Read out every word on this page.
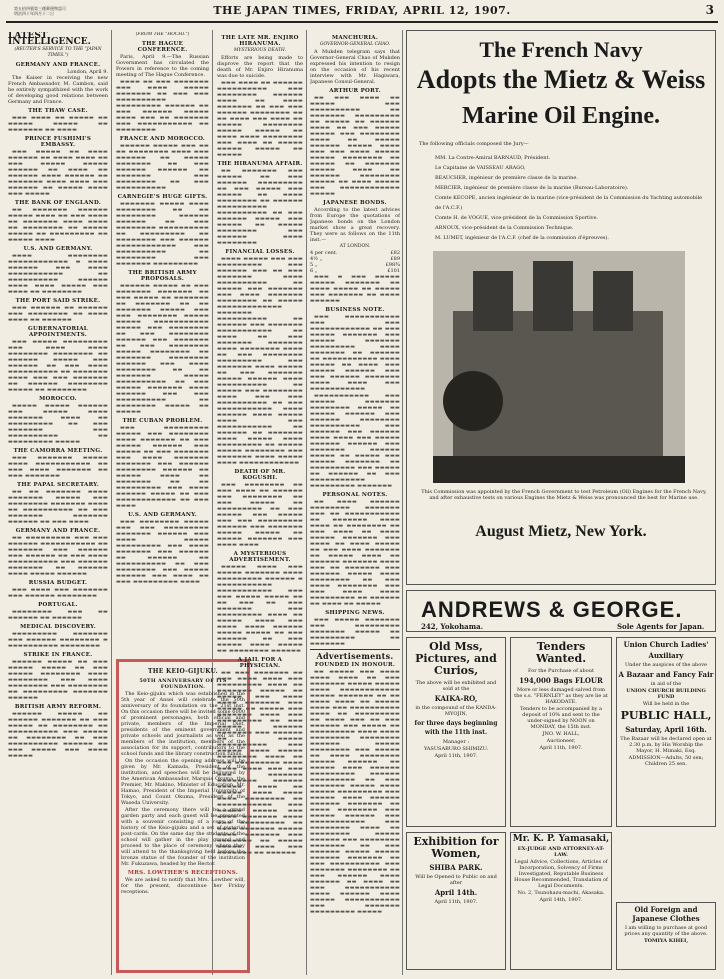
第五拾四號第三種郵便物認可
明治四十年四月十二日	THE JAPAN TIMES, FRIDAY, APRIL 12, 1907.	3
LATEST INTELLIGENCE.
(REUTER'S SERVICE TO THE "JAPAN TIMES.")
GERMANY AND FRANCE.
London, April 9.

The Kaiser in receiving the new French Ambassador, M. Cambon, said he entirely sympathized with the work of developing good relations between Germany and France.

THE THAW CASE.

▬▬▬ ▬▬▬▬ ▬▬ ▬▬▬▬▬ ▬▬ ▬▬▬▬▬ ▬▬▬▬▬ ▬▬ ▬▬▬▬▬▬▬ ▬▬ ▬▬▬▬

PRINCE FUSHIMI'S EMBASSY.

▬▬▬ ▬▬▬▬▬ ▬▬ ▬▬▬▬ ▬▬▬▬▬▬ ▬▬ ▬▬▬▬ ▬▬▬▬ ▬▬ ▬▬▬ ▬▬▬▬▬ ▬▬▬▬▬ ▬▬▬▬▬▬ ▬▬ ▬▬▬▬ ▬▬ ▬▬▬▬▬▬ ▬▬▬▬ ▬▬▬▬▬▬ ▬▬ ▬▬▬▬▬▬▬ ▬▬▬▬ ▬▬▬▬ ▬▬▬ ▬▬▬▬▬▬ ▬▬ ▬▬▬▬▬ ▬▬▬▬ ▬▬▬ ▬▬▬▬▬

THE BANK OF ENGLAND.

▬▬ ▬▬▬▬▬▬▬ ▬▬▬▬▬▬ ▬▬▬▬▬ ▬▬▬▬ ▬▬ ▬▬▬ ▬▬▬▬ ▬▬ ▬▬▬▬▬▬▬ ▬▬▬▬ ▬▬▬▬ ▬▬ ▬▬▬▬▬▬▬▬ ▬▬ ▬▬▬▬▬ ▬▬▬▬▬ ▬▬ ▬▬▬▬▬▬▬▬▬ ▬▬ ▬▬▬▬▬ ▬▬▬▬

U.S. AND GERMANY.

▬▬▬▬ ▬▬▬▬▬▬▬▬ ▬▬▬▬▬▬▬▬▬▬▬▬ ▬ ▬▬▬▬ ▬▬▬▬▬▬ ▬▬▬ ▬▬▬▬ ▬▬▬▬▬▬▬▬▬▬▬ ▬▬ ▬▬▬▬▬▬▬▬▬▬ ▬▬▬▬▬▬ ▬▬▬▬ ▬▬▬▬ ▬▬▬▬▬ ▬▬▬ ▬▬▬▬ ▬▬ ▬▬▬▬▬▬▬▬

THE PORT SAID STRIKE.

▬▬▬ ▬▬▬▬▬▬ ▬▬ ▬▬▬▬▬▬ ▬▬▬ ▬▬▬▬▬▬▬▬ ▬▬ ▬▬▬▬ ▬▬▬▬ ▬▬ ▬▬▬▬▬▬

GUBERNATORIAL APPOINTMENTS.

▬▬▬ ▬▬▬▬▬ ▬▬▬▬▬▬▬▬▬ ▬▬▬ ▬▬▬▬ ▬▬▬▬ ▬▬▬▬▬▬▬▬ ▬▬▬▬▬▬▬▬ ▬▬ ▬▬▬▬▬▬ ▬▬▬▬▬ ▬▬▬ ▬▬▬▬▬▬ ▬▬ ▬▬▬ ▬▬▬▬ ▬▬▬▬▬▬▬▬▬▬ ▬▬ ▬▬▬▬▬▬▬ ▬▬▬▬ ▬▬▬ ▬▬▬ ▬▬▬▬▬▬▬ ▬▬ ▬▬▬▬▬▬ ▬▬▬▬▬▬▬▬ ▬▬▬▬▬ ▬▬ ▬▬▬▬▬▬▬▬

MOROCCO.

▬▬▬▬▬ ▬▬▬▬▬ ▬▬▬▬▬▬ ▬▬▬ ▬▬▬▬▬ ▬▬▬▬ ▬▬▬▬▬▬▬ ▬▬▬▬ ▬▬ ▬▬▬▬▬▬▬▬▬ ▬▬ ▬▬▬ ▬▬▬▬▬▬▬ ▬▬▬ ▬▬▬▬▬▬▬▬▬▬ ▬▬ ▬▬▬▬▬▬▬▬▬ ▬▬▬▬▬

THE CAMORRA MEETING.

▬▬▬ ▬▬▬▬▬▬▬ ▬▬▬▬▬ ▬▬▬▬ ▬▬▬▬▬▬▬▬▬▬▬ ▬▬ ▬▬▬ ▬▬▬▬ ▬▬▬▬▬▬▬ ▬▬ ▬▬▬ ▬▬▬▬▬▬▬

THE PAPAL SECRETARY.

▬▬ ▬▬ ▬▬▬▬▬▬▬ ▬▬▬▬ ▬▬▬▬▬▬▬ ▬▬▬▬▬ ▬▬▬ ▬▬▬▬▬▬▬▬ ▬▬▬▬▬▬▬ ▬▬▬▬ ▬▬ ▬▬▬▬▬▬▬▬▬▬ ▬▬ ▬▬▬ ▬▬▬▬▬▬▬ ▬▬▬▬▬▬▬ ▬▬▬▬▬▬ ▬▬ ▬▬▬ ▬▬▬▬

GERMANY AND FRANCE.

▬▬ ▬▬▬▬▬▬▬▬▬ ▬▬▬ ▬▬▬ ▬▬▬▬▬▬ ▬▬▬▬▬▬▬▬▬▬▬ ▬▬ ▬▬▬▬▬▬▬ ▬▬▬ ▬▬▬▬▬▬ ▬▬▬ ▬▬▬▬▬▬ ▬▬ ▬▬▬ ▬▬▬▬ ▬▬▬▬▬▬▬▬▬▬ ▬▬▬ ▬▬▬▬▬▬ ▬▬▬▬▬▬▬ ▬▬ ▬▬▬▬▬▬ ▬▬▬▬ ▬▬▬▬▬ ▬▬▬▬▬▬

RUSSIA BUDGET.

▬▬▬ ▬▬▬▬ ▬▬▬ ▬▬▬▬▬▬▬ ▬▬▬ ▬▬▬▬▬▬ ▬▬▬▬▬▬▬▬

PORTUGAL.

▬▬▬▬▬▬▬▬ ▬▬▬ ▬▬ ▬▬▬▬▬▬ ▬▬ ▬▬▬▬▬▬

MEDICAL DISCOVERY.

▬▬▬▬▬▬▬▬▬ ▬▬▬▬▬▬▬ ▬▬▬ ▬▬▬▬▬▬ ▬▬▬▬▬▬▬▬ ▬ ▬▬▬▬▬▬▬▬▬▬ ▬▬▬▬▬▬▬▬

STRIKE IN FRANCE.

▬▬▬▬▬▬ ▬▬▬▬▬ ▬▬ ▬▬▬ ▬▬▬▬▬ ▬▬▬▬▬ ▬▬ ▬▬▬ ▬▬▬▬▬ ▬▬▬▬▬▬▬▬ ▬▬▬▬ ▬▬▬▬▬▬▬▬ ▬▬▬ ▬▬▬▬ ▬▬▬▬▬▬▬▬ ▬▬▬ ▬▬▬▬▬▬▬▬ ▬▬ ▬▬▬▬▬▬▬▬▬ ▬▬▬▬▬▬▬ ▬▬▬▬▬▬

BRITISH ARMY REFORM.

▬▬▬▬▬▬ ▬▬▬▬▬ ▬▬ ▬▬▬▬▬▬ ▬▬▬▬▬▬▬ ▬▬ ▬▬▬ ▬▬▬▬▬ ▬▬ ▬▬▬▬▬▬▬▬ ▬▬ ▬▬▬▬▬▬▬▬▬▬ ▬▬▬ ▬▬▬▬▬ ▬▬ ▬▬▬▬▬▬▬▬ ▬▬ ▬▬▬ ▬▬▬▬▬▬▬▬▬▬ ▬▬▬▬▬▬ ▬▬ ▬▬▬ ▬▬▬▬▬ ▬▬▬ ▬▬▬▬ ▬▬▬▬▬

(FROM THE "HOCHI.")
THE HAGUE CONFERENCE.

Paris, April 9.—The Russian Government has circulated the Powers in reference to the coming meeting of The Hague Conference.

▬▬▬▬ ▬▬ ▬▬▬ ▬▬▬▬▬▬▬ ▬▬▬ ▬▬▬▬ ▬▬▬▬▬ ▬▬▬▬▬▬▬ ▬▬ ▬▬▬ ▬▬▬ ▬▬▬▬▬▬▬▬▬▬ ▬▬▬▬▬▬▬▬▬ ▬▬▬▬▬▬ ▬▬ ▬▬▬ ▬▬▬▬▬▬ ▬▬▬▬▬ ▬▬▬▬ ▬▬▬ ▬▬ ▬▬▬▬▬▬▬ ▬▬▬ ▬▬▬▬▬▬▬▬▬▬▬ ▬▬ ▬▬▬▬▬▬▬▬

FRANCE AND MOROCCO.

▬▬▬▬▬▬ ▬▬▬▬▬ ▬▬▬ ▬▬ ▬▬ ▬▬▬▬▬▬▬▬ ▬▬▬▬ ▬▬▬ ▬▬▬▬▬▬ ▬▬ ▬▬▬▬▬ ▬▬▬▬▬▬▬ ▬▬ ▬▬▬ ▬▬▬▬▬▬ ▬▬▬▬▬▬ ▬▬ ▬▬▬▬▬▬▬ ▬▬▬ ▬▬▬▬▬▬▬▬ ▬▬ ▬▬▬ ▬▬▬▬▬▬▬▬▬▬

CARNEGIE'S HUGE GIFTS.

▬▬▬▬▬▬▬ ▬▬▬▬▬ ▬▬▬▬ ▬▬▬▬▬▬▬▬ ▬▬ ▬▬ ▬▬▬▬▬▬▬▬ ▬▬▬▬▬▬ ▬▬▬▬▬▬ ▬▬ ▬▬▬ ▬▬▬▬▬▬▬▬ ▬▬▬▬▬▬▬▬▬▬ ▬▬ ▬▬▬▬▬▬▬▬▬ ▬▬ ▬▬▬▬▬▬▬▬ ▬▬▬ ▬▬▬▬▬▬ ▬▬▬▬▬▬▬▬▬▬▬▬ ▬▬▬ ▬▬▬▬▬▬▬▬▬▬ ▬▬ ▬▬▬▬▬▬▬▬ ▬▬▬ ▬▬▬▬▬▬▬ ▬▬▬▬▬▬▬▬▬

THE BRITISH ARMY PROPOSALS.

▬▬▬▬▬▬ ▬▬▬▬▬ ▬▬ ▬▬▬ ▬▬▬▬▬▬▬ ▬▬▬▬▬▬▬ ▬▬ ▬▬▬ ▬▬▬▬▬ ▬▬ ▬▬▬▬▬▬▬ ▬▬ ▬▬▬▬▬▬▬ ▬▬ ▬▬ ▬▬▬▬▬▬▬ ▬▬▬▬▬ ▬▬▬ ▬▬▬ ▬▬▬▬▬▬▬▬ ▬▬▬▬▬ ▬▬▬▬▬ ▬▬▬▬▬▬▬▬▬▬▬ ▬▬▬▬▬ ▬▬▬ ▬▬▬▬▬▬▬▬ ▬▬ ▬▬▬ ▬▬▬▬▬▬▬▬ ▬▬▬▬▬▬ ▬▬▬ ▬▬▬▬▬▬▬ ▬▬ ▬▬▬ ▬▬▬▬▬▬▬▬ ▬▬▬▬▬ ▬▬▬▬▬▬▬▬ ▬▬ ▬▬▬▬▬▬▬ ▬▬▬▬▬▬▬▬ ▬▬▬▬▬▬ ▬▬▬ ▬▬▬▬ ▬▬▬▬▬▬▬▬ ▬▬ ▬▬ ▬▬▬▬▬▬▬ ▬▬▬▬▬ ▬▬▬▬▬▬▬▬▬▬ ▬▬ ▬▬▬ ▬▬▬▬▬ ▬▬▬▬▬▬▬ ▬▬▬▬ ▬▬▬▬▬▬ ▬▬▬ ▬▬▬ ▬▬▬▬▬▬▬▬▬▬ ▬▬ ▬▬▬▬▬▬▬▬ ▬▬▬▬▬ ▬▬ ▬▬▬▬▬

THE CUBAN PROBLEM.

▬▬▬ ▬▬▬▬▬▬▬▬▬ ▬▬▬▬▬ ▬▬▬ ▬▬▬▬▬▬▬▬ ▬▬▬▬ ▬▬▬▬▬▬▬ ▬▬ ▬▬▬ ▬▬▬▬▬ ▬▬▬▬▬▬ ▬▬▬ ▬▬▬▬▬ ▬▬ ▬▬▬ ▬▬▬▬▬▬▬ ▬▬▬ ▬▬▬▬ ▬▬▬▬▬▬▬ ▬▬▬▬▬▬▬ ▬▬▬ ▬▬▬▬▬▬ ▬▬▬▬▬▬▬▬ ▬▬▬▬▬▬ ▬▬ ▬▬▬▬▬ ▬▬▬▬ ▬▬ ▬▬▬▬▬▬▬ ▬▬ ▬▬ ▬▬▬▬▬▬▬▬▬ ▬▬▬ ▬▬▬▬ ▬▬▬▬▬▬ ▬▬▬▬▬ ▬▬ ▬▬▬ ▬▬▬▬▬▬▬▬▬▬▬▬ ▬▬ ▬▬▬ ▬▬▬▬

U.S. AND GERMANY.

▬▬▬ ▬▬▬▬▬▬▬▬ ▬▬▬▬▬ ▬▬▬ ▬▬▬ ▬▬▬▬▬▬▬▬▬ ▬▬▬▬▬▬▬ ▬▬▬▬▬▬ ▬▬▬ ▬▬▬▬ ▬▬▬▬▬ ▬▬▬▬▬▬▬▬▬ ▬▬▬ ▬▬▬▬ ▬▬▬▬▬▬▬ ▬▬▬ ▬▬▬▬▬▬ ▬▬ ▬▬▬▬▬▬ ▬▬ ▬▬▬▬▬▬▬▬▬▬ ▬▬ ▬▬▬ ▬▬▬▬▬▬▬▬ ▬▬▬ ▬▬▬▬▬ ▬▬▬▬▬▬ ▬▬▬ ▬▬▬▬ ▬▬ ▬▬▬ ▬▬▬▬▬▬▬▬▬ ▬▬▬▬

THE KEIO-GIJUKU.
50TH ANNIVERSARY OF ITS FOUNDATION.

The Keio-gijuku which was established in the 5th year of Ansei will celebrate the 50th anniversary of its foundation on the 21st inst. On this occasion there will be invited some 6000 of prominent personages, both official and private, members of the Imperial Diet, presidents of the eminent government and private schools and journalists as well as the members of the institution, members of the association for its support, contributors to the school funds and the library construction funds.

On the occasion the opening address will be given by Mr. Kamada, President of the institution, and speeches will be delivered by the American Ambassador, Marquis Okuma, the Premier, Mr. Makino, Minister of Education, Mr. Hamao, President of the Imperial University of Tokyo, and Count Okuma, President of the Waseda University.

After the ceremony there will be a grand garden party and each guest will be presented with a souvenir consisting of a copy of the history of the Keio-gijuku and a set of pictorial post-cards. On the same day the students of the school will gather in the play ground and proceed to the place of ceremony where they will attend to the thanksgiving held before the bronze statue of the founder of the institution Mr. Fukuzawa, headed by the Rector.

MRS. LOWTHER'S RECEPTIONS.

We are asked to notify that Mrs. Lowther will, for the present, discontinue her Friday receptions.

THE LATE MR. ENJIRO HIRANUMA.
MYSTERIOUS DEATH.

Efforts are being made to disprove the report that the death of Mr. Enjiro Hiranuma was due to suicide.

▬▬▬ ▬▬▬▬ ▬▬ ▬▬▬▬▬▬ ▬▬▬▬▬▬▬▬▬▬ ▬▬▬ ▬▬▬▬▬▬▬▬ ▬▬▬▬▬▬ ▬▬▬▬ ▬▬ ▬▬▬▬ ▬▬▬▬▬▬▬ ▬▬ ▬▬▬ ▬▬▬ ▬▬▬▬▬▬ ▬▬▬▬▬▬▬▬ ▬▬ ▬▬ ▬▬▬▬ ▬▬▬ ▬▬▬▬ ▬▬ ▬▬▬▬▬ ▬▬▬▬▬▬▬▬ ▬▬▬▬▬ ▬▬▬▬▬ ▬▬ ▬▬▬▬ ▬▬▬▬ ▬▬▬▬▬▬▬▬ ▬▬▬ ▬▬▬▬ ▬▬ ▬▬▬▬▬ ▬▬▬▬▬ ▬▬▬▬▬ ▬▬ ▬▬▬▬▬

THE HIRANUMA AFFAIR.

▬▬ ▬▬▬▬▬▬▬ ▬▬▬ ▬▬▬▬▬ ▬▬ ▬▬▬ ▬▬▬▬▬▬ ▬▬▬▬▬▬▬▬▬ ▬▬ ▬▬▬ ▬▬▬▬▬ ▬▬▬ ▬▬▬▬▬ ▬▬ ▬▬▬▬ ▬▬▬▬▬▬▬▬ ▬▬ ▬▬▬▬▬▬ ▬▬▬▬▬▬▬▬▬▬ ▬▬▬▬▬▬▬▬▬▬ ▬▬ ▬▬▬ ▬▬▬▬▬▬ ▬▬▬▬▬ ▬▬▬ ▬▬▬▬▬ ▬▬ ▬▬▬▬▬ ▬▬▬▬▬▬▬▬ ▬▬▬ ▬▬▬▬▬▬ ▬▬▬▬ ▬▬▬▬▬▬▬▬

FINANCIAL LOSSES.

▬▬▬▬ ▬▬▬▬▬ ▬▬▬ ▬▬▬ ▬▬▬▬▬▬▬▬▬ ▬▬▬ ▬▬▬▬▬▬ ▬▬▬ ▬▬ ▬▬▬ ▬▬▬▬▬▬▬ ▬▬▬▬ ▬▬▬▬▬▬▬▬▬▬ ▬▬ ▬▬▬▬▬ ▬▬▬ ▬▬▬▬▬▬▬ ▬▬▬ ▬▬▬▬ ▬▬▬▬▬▬▬ ▬▬▬▬▬▬▬▬ ▬▬ ▬▬▬▬▬ ▬▬▬▬▬▬▬▬▬▬▬▬▬ ▬▬▬▬▬▬▬ ▬▬▬▬▬▬▬▬▬▬ ▬▬ ▬▬▬▬▬▬ ▬▬▬ ▬▬▬▬▬▬▬ ▬▬▬▬▬▬▬▬▬▬▬ ▬▬ ▬▬▬▬ ▬▬ ▬▬▬ ▬▬▬▬▬▬▬ ▬▬▬▬▬▬▬ ▬▬▬▬ ▬▬▬▬▬▬▬▬ ▬▬▬▬ ▬▬ ▬▬▬ ▬▬▬▬▬▬▬▬ ▬▬▬▬▬▬▬▬▬ ▬▬▬ ▬▬▬▬▬▬▬ ▬▬▬▬ ▬▬▬▬▬ ▬▬ ▬▬▬ ▬▬▬▬▬▬▬ ▬▬▬▬▬ ▬▬▬▬▬▬ ▬▬▬▬ ▬▬▬▬▬▬▬▬▬▬ ▬▬ ▬▬▬▬▬ ▬▬▬ ▬▬▬▬▬▬▬▬ ▬▬▬▬ ▬▬▬ ▬▬▬ ▬▬▬▬▬▬▬▬▬▬ ▬▬ ▬▬▬ ▬▬▬▬▬▬▬▬▬▬▬ ▬▬▬▬ ▬▬▬▬▬▬ ▬▬▬▬ ▬▬▬▬▬ ▬▬▬▬ ▬▬▬ ▬▬▬▬▬▬▬▬▬▬▬ ▬▬ ▬▬▬▬▬▬ ▬▬ ▬▬▬▬▬▬▬ ▬▬▬▬ ▬▬▬▬▬ ▬▬▬▬ ▬▬▬▬▬▬▬▬▬ ▬▬ ▬▬▬▬▬ ▬▬▬▬▬ ▬▬▬▬▬▬▬▬ ▬▬▬ ▬▬▬▬▬▬▬ ▬▬▬▬ ▬▬▬▬▬ ▬▬▬▬ ▬▬▬▬▬▬▬▬▬▬▬▬

DEATH OF MR. KOGUSHI.

▬▬▬ ▬▬▬▬▬▬▬▬ ▬▬ ▬▬▬ ▬▬▬▬ ▬▬ ▬▬▬▬▬▬ ▬▬▬ ▬▬▬▬▬▬▬▬ ▬▬ ▬▬▬ ▬▬▬▬▬ ▬▬ ▬▬▬▬▬▬▬▬▬ ▬▬ ▬▬▬ ▬▬▬▬▬ ▬▬▬ ▬▬▬▬▬ ▬▬▬ ▬▬▬ ▬▬▬▬▬▬▬▬▬ ▬▬▬▬▬▬ ▬▬▬ ▬▬▬▬▬▬▬ ▬▬▬▬▬ ▬▬▬▬▬ ▬▬ ▬▬▬▬▬ ▬▬▬▬▬▬▬ ▬▬▬ ▬▬▬▬ ▬▬▬▬

A MYSTERIOUS ADVERTISEMENT.

▬▬▬▬▬ ▬▬▬▬ ▬▬▬ ▬▬▬▬▬ ▬▬▬▬▬▬▬ ▬▬▬▬ ▬▬▬▬▬▬▬▬▬ ▬▬▬▬▬▬ ▬ ▬▬▬▬▬▬▬▬▬▬▬ ▬▬▬▬▬▬▬▬▬▬▬ ▬▬▬ ▬▬▬ ▬▬▬▬▬ ▬▬▬▬▬ ▬▬ ▬▬ ▬▬▬ ▬▬ ▬▬▬ ▬▬▬▬▬▬▬ ▬▬▬ ▬▬▬▬▬▬▬▬▬ ▬▬▬▬ ▬▬ ▬▬▬▬▬ ▬▬▬▬ ▬▬▬ ▬▬▬▬ ▬▬▬▬ ▬▬▬▬▬▬ ▬▬▬▬▬ ▬▬▬▬▬ ▬▬ ▬▬▬ ▬▬▬▬▬▬ ▬▬ ▬▬▬ ▬▬▬▬▬ ▬▬▬▬ ▬▬▬▬▬ ▬▬ ▬▬▬▬▬▬▬▬ ▬▬▬▬▬▬

A JAIL FOR A PHYSICIAN.

▬▬ ▬▬▬ ▬▬▬▬▬▬▬ ▬▬ ▬▬▬ ▬▬▬▬ ▬▬▬▬ ▬▬▬ ▬▬▬▬▬▬▬▬▬ ▬▬▬▬ ▬▬ ▬▬▬▬▬▬▬ ▬▬▬▬▬ ▬▬ ▬▬▬▬▬ ▬▬▬ ▬▬▬▬ ▬▬▬▬ ▬▬▬▬▬▬▬ ▬▬▬ ▬▬▬▬▬ ▬▬ ▬▬▬▬▬ ▬▬▬ ▬▬▬▬▬▬▬ ▬▬▬▬ ▬▬▬ ▬▬▬▬▬▬▬▬▬ ▬▬ ▬▬▬ ▬▬▬▬▬ ▬▬▬▬▬▬ ▬▬▬▬▬▬▬ ▬▬▬ ▬▬▬▬▬▬ ▬▬ ▬▬▬▬▬ ▬▬▬▬▬▬▬▬▬▬ ▬▬▬ ▬▬▬▬▬ ▬▬▬▬ ▬▬▬▬▬ ▬▬▬▬▬▬▬▬ ▬▬▬▬ ▬▬ ▬▬▬ ▬▬▬▬▬▬▬▬▬ ▬▬▬▬ ▬▬▬▬ ▬▬▬▬ ▬▬▬ ▬▬▬ ▬▬▬ ▬▬▬▬▬▬▬ ▬▬▬▬▬▬▬▬ ▬▬▬▬▬▬ ▬▬▬▬▬ ▬▬▬▬ ▬▬ ▬▬▬▬▬ ▬▬▬▬ ▬▬▬▬ ▬▬▬▬ ▬▬▬▬▬▬▬▬ ▬▬ ▬▬▬▬▬▬▬▬▬▬▬ ▬▬▬ ▬▬▬▬▬ ▬▬▬▬▬ ▬▬▬ ▬▬▬▬ ▬▬▬▬▬▬▬ ▬▬▬▬ ▬▬▬ ▬▬▬▬▬▬▬▬▬ ▬▬ ▬▬▬▬ ▬▬▬▬▬▬▬ ▬▬▬▬▬ ▬▬▬▬ ▬▬▬▬▬▬▬ ▬▬▬ ▬▬▬▬▬▬▬ ▬▬ ▬▬▬▬▬ ▬▬▬▬▬ ▬▬▬▬ ▬▬▬ ▬▬▬▬▬▬▬ ▬▬ ▬▬▬▬▬▬

MANCHURIA.
GOVERNOR-GENERAL CHAO.

A Mukden telegram says that Governor-General Chao of Mukden expressed his intention to resign on the occasion of his recent interview with Mr. Hagiwara, Japanese Consul-General.

ARTHUR PORT.

▬▬ ▬▬▬ ▬▬▬▬ ▬▬ ▬▬▬▬▬ ▬▬▬ ▬▬▬▬▬▬▬▬▬▬ ▬▬ ▬▬▬▬▬▬▬ ▬▬▬▬▬▬▬▬▬ ▬▬ ▬▬▬▬▬ ▬▬ ▬▬▬▬▬▬ ▬▬▬▬ ▬▬ ▬▬▬ ▬▬▬▬▬ ▬▬▬▬▬ ▬▬▬ ▬▬▬▬▬▬▬▬ ▬▬▬▬ ▬▬ ▬▬▬▬▬ ▬▬▬▬▬▬ ▬▬▬▬▬ ▬▬▬▬ ▬▬▬ ▬▬▬ ▬▬▬▬ ▬▬▬▬▬ ▬▬▬▬▬ ▬▬▬▬▬▬▬▬ ▬▬ ▬▬▬▬▬ ▬▬ ▬▬▬▬▬▬▬ ▬▬▬▬▬ ▬▬▬▬ ▬▬ ▬▬▬▬▬▬ ▬▬▬▬▬▬▬▬ ▬▬▬▬▬ ▬▬ ▬▬▬▬ ▬▬▬▬▬ ▬▬▬ ▬▬▬▬▬▬▬▬▬▬▬▬ ▬▬▬▬▬

JAPANESE BONDS.

According to the latest advices from Europe the quotations of Japanese bonds on the London market show a great recovery. They were as follows on the 11th inst.—

AT LONDON.
4 per cent.	£82
4½ „	£89
5 „	£98¾
6 „	£101

▬▬▬ ▬ ▬▬▬ ▬▬▬▬▬ ▬▬▬▬▬ ▬▬▬▬▬▬▬ ▬▬ ▬▬▬▬ ▬▬▬▬▬ ▬▬ ▬▬▬▬▬ ▬▬▬ ▬▬▬▬▬▬▬ ▬▬ ▬▬▬▬ ▬▬▬▬▬▬

BUSINESS NOTE.

▬▬▬ ▬▬▬▬▬▬▬▬▬▬▬ ▬▬▬ ▬▬▬ ▬▬▬▬▬▬▬▬▬▬▬▬ ▬▬ ▬▬▬ ▬▬▬▬▬ ▬▬▬▬▬▬▬ ▬▬▬ ▬▬▬▬▬ ▬▬▬▬▬▬▬ ▬▬▬▬▬▬▬▬▬ ▬▬▬▬ ▬▬▬▬▬▬▬ ▬▬ ▬▬▬▬▬▬ ▬▬ ▬▬▬▬▬▬▬▬▬▬▬ ▬▬▬▬ ▬▬▬▬▬ ▬▬ ▬▬▬▬ ▬▬▬ ▬▬▬▬▬ ▬▬▬▬▬▬ ▬▬▬ ▬▬▬ ▬▬▬▬▬▬ ▬▬▬▬▬▬▬ ▬▬▬▬ ▬▬▬▬ ▬▬▬ ▬▬▬▬▬▬▬▬▬▬▬

▬▬▬▬▬▬▬▬▬▬▬ ▬▬▬ ▬▬▬▬▬ ▬▬▬▬▬▬▬ ▬▬▬▬▬▬▬▬ ▬▬▬▬▬ ▬▬ ▬▬▬▬▬ ▬▬▬▬▬▬ ▬▬▬ ▬▬▬▬▬▬ ▬▬▬▬▬▬▬▬ ▬▬▬▬▬▬▬▬▬▬ ▬▬▬ ▬▬▬▬▬▬ ▬▬▬ ▬▬▬▬▬▬ ▬▬▬▬ ▬▬▬▬ ▬▬▬ ▬▬▬▬▬ ▬▬▬▬▬▬ ▬▬▬▬▬▬ ▬▬▬ ▬▬▬▬▬▬▬ ▬▬▬▬▬▬ ▬▬▬▬▬ ▬▬ ▬▬▬▬▬ ▬▬▬ ▬▬▬▬▬ ▬▬▬▬▬▬▬ ▬▬ ▬▬▬▬▬▬▬▬▬ ▬▬▬ ▬▬▬▬▬ ▬▬ ▬▬▬▬▬▬ ▬▬ ▬▬▬ ▬▬▬▬▬▬▬▬▬▬▬ ▬▬▬▬▬▬▬▬▬ ▬▬▬▬▬▬▬

PERSONAL NOTES.

▬▬ ▬▬▬▬ ▬▬▬▬▬▬ ▬▬▬▬▬▬▬▬ ▬▬▬▬▬▬▬ ▬▬▬ ▬▬ ▬▬▬▬▬▬▬▬▬▬▬ ▬▬ ▬▬▬▬▬▬▬ ▬▬▬▬ ▬▬▬▬ ▬▬ ▬▬▬▬▬▬▬▬ ▬▬ ▬▬▬ ▬▬▬▬ ▬▬ ▬▬▬▬ ▬▬▬▬▬ ▬▬▬▬▬▬▬ ▬▬▬ ▬▬▬▬ ▬▬ ▬▬▬▬ ▬▬▬▬▬ ▬▬ ▬▬▬ ▬▬▬▬ ▬▬▬▬▬▬▬ ▬▬ ▬▬▬▬▬ ▬▬▬▬ ▬▬ ▬▬▬▬▬▬ ▬▬▬▬▬▬▬ ▬▬▬▬ ▬▬▬ ▬▬ ▬▬▬▬▬▬▬ ▬▬▬ ▬▬▬▬▬▬ ▬▬▬▬▬ ▬▬▬▬ ▬▬▬▬▬▬▬▬ ▬▬ ▬▬▬ ▬▬▬▬ ▬▬▬▬▬▬▬▬ ▬▬▬ ▬▬▬ ▬▬▬▬ ▬▬▬▬ ▬▬▬▬▬▬▬▬▬ ▬▬ ▬▬▬▬▬▬ ▬▬ ▬▬▬▬ ▬▬ ▬▬▬▬▬

SHIPPING NEWS.

▬▬▬ ▬▬▬▬▬ ▬▬▬▬▬▬▬ ▬▬▬ ▬▬▬▬▬▬▬▬▬ ▬▬▬▬▬▬▬ ▬▬▬▬▬ ▬▬ ▬▬▬▬▬▬▬▬▬ ▬▬ ▬▬▬▬▬▬▬

Advertisements.
FOUNDED IN HONOUR.

▬▬ ▬▬▬▬▬ ▬▬▬ ▬▬▬▬ ▬▬▬▬ ▬▬▬▬ ▬▬ ▬▬▬ ▬▬▬▬▬▬▬ ▬▬▬▬▬ ▬▬▬▬▬ ▬▬▬▬ ▬▬▬▬▬▬▬▬▬▬▬▬ ▬▬▬▬▬ ▬▬▬▬▬▬▬ ▬▬ ▬▬ ▬▬▬▬ ▬▬▬▬ ▬▬ ▬▬▬▬▬ ▬▬▬▬ ▬▬▬ ▬▬▬▬▬▬▬▬▬▬ ▬▬▬▬ ▬▬ ▬▬▬▬▬▬▬▬▬ ▬▬ ▬▬▬▬ ▬▬▬ ▬▬ ▬▬▬ ▬▬▬▬▬▬ ▬▬▬ ▬▬▬▬▬ ▬▬ ▬▬▬▬▬▬▬▬▬ ▬▬▬▬ ▬▬▬▬ ▬▬▬▬▬▬▬▬ ▬▬▬▬▬▬▬▬ ▬▬▬▬▬▬ ▬▬▬▬▬ ▬▬▬▬▬▬▬▬ ▬▬▬ ▬▬▬▬▬ ▬▬ ▬▬▬▬ ▬▬▬▬▬▬▬▬ ▬▬▬▬▬ ▬▬▬▬▬▬ ▬▬ ▬▬▬▬▬ ▬▬▬▬ ▬▬▬▬▬▬ ▬▬▬▬▬▬▬▬▬ ▬▬▬▬▬▬ ▬▬▬▬▬▬▬▬▬ ▬▬ ▬▬▬ ▬▬▬▬▬▬▬ ▬▬▬▬▬ ▬▬▬▬ ▬▬▬▬▬ ▬▬▬▬▬▬▬▬▬ ▬▬▬ ▬▬▬▬▬ ▬▬▬▬ ▬▬▬▬▬▬ ▬▬▬▬▬▬ ▬▬▬▬▬▬▬ ▬▬ ▬▬▬▬ ▬▬▬▬▬▬▬▬ ▬▬▬ ▬▬▬▬▬ ▬▬▬▬▬▬ ▬▬▬ ▬▬▬▬▬▬▬▬▬▬▬ ▬▬▬ ▬▬▬▬▬▬▬▬ ▬▬▬▬ ▬▬ ▬▬▬▬▬▬▬▬ ▬▬▬▬▬ ▬▬▬▬▬▬ ▬▬▬ ▬▬▬▬▬▬▬▬ ▬▬▬▬▬▬▬ ▬▬ ▬▬▬ ▬▬▬▬▬▬ ▬▬▬▬▬ ▬▬▬▬▬ ▬▬▬▬▬▬ ▬▬▬▬▬▬▬ ▬▬ ▬▬▬ ▬▬▬▬▬▬▬▬▬▬ ▬▬▬ ▬▬▬▬▬▬▬ ▬▬▬▬▬▬▬▬ ▬▬ ▬▬▬ ▬▬▬▬▬▬ ▬▬▬▬ ▬▬▬▬▬▬ ▬▬ ▬▬▬▬ ▬▬ ▬▬▬ ▬▬▬▬▬▬▬▬▬▬▬ ▬▬▬▬ ▬▬▬▬▬▬ ▬▬▬▬ ▬▬▬▬▬ ▬▬▬▬▬▬▬▬▬▬▬ ▬▬▬ ▬▬▬▬▬▬▬ ▬▬▬▬▬▬▬▬▬ ▬▬▬▬▬

The French Navy
Adopts the Mietz & Weiss
Marine Oil Engine.
The following officials composed the Jury—
MM. La Contre-Amiral BARNAUD, Président.
Le Capitaine de VAISSEAU ARAGO,
BEAUCHER, ingénieur de première classe de la marine.
MERCIER, ingénieur de première classe de la marine (Bureau-Laboratoire).
Comte KECOPE, ancien ingénieur de la marine (vice-président de la Commission du Yachting automobile de l'A.C.F.)
Comte H. de VOGUE, vice-président de la Commission Sportive.
ARNOUX, vice-président de la Commission Technique.
M. LUMET, ingénieur de l'A.C.F. (chef de la commission d'épreuves).
This Commission was appointed by the French Government to test Petroleum (Oil) Engines for the French Navy, and after exhaustive tests on various Engines the Mietz & Weiss was pronounced the best for Marine use.
August Mietz, New York.
ANDREWS & GEORGE.
242, Yokohama.	Sole Agents for Japan.
Old Mss, Pictures, and Curios,

The above will be exhibited and sold at the

KAIKA-RO,

in the compound of the KANDA-MYOJIN,

for three days beginning with the 11th inst.

Manager :

YASUSABURO SHIMIZU.

April 11th, 1907.

Tenders Wanted.

For the Purchase of about

194,000 Bags FLOUR

More or less damaged salved from the s.s. "FERNLEY" as they are lie at HAKODATE.

Tenders to be accompanied by a deposit of 10% and sent to the under-signed by NOON on MONDAY, the 15th inst.

JNO. W. HALL,

Auctioneer,

April 11th, 1907.

Union Church Ladies'
Auxiliary

Under the auspices of the above

A Bazaar and Fancy Fair

in aid of the

UNION CHURCH BUILDING FUND

Will be held in the

PUBLIC HALL,
Saturday, April 16th.

The Bazaar will be declared open at 2.30 p.m. by His Worship the Mayor, H. Mimaki, Esq.

ADMISSION—Adults, 50 sen; Children 25 sen.

Exhibition for Women,
SHIBA PARK.

Will be Opened to Public on and after

April 14th.

April 11th, 1907.

Mr. K. P. Yamasaki,

EX-JUDGE AND ATTORNEY-AT-LAW.

Legal Advice, Collections, Articles of Incorporation, Solvency of Firms Investigated, Reputable Business House Recommended, Translation of Legal Documents.

No. 2, Tsunohazu-machi, Akasaka.

April 14th, 1907.

Old Foreign and Japanese Clothes

I am willing to purchase at good prices any quantity of the above.

TOMIYA KIHEI,
